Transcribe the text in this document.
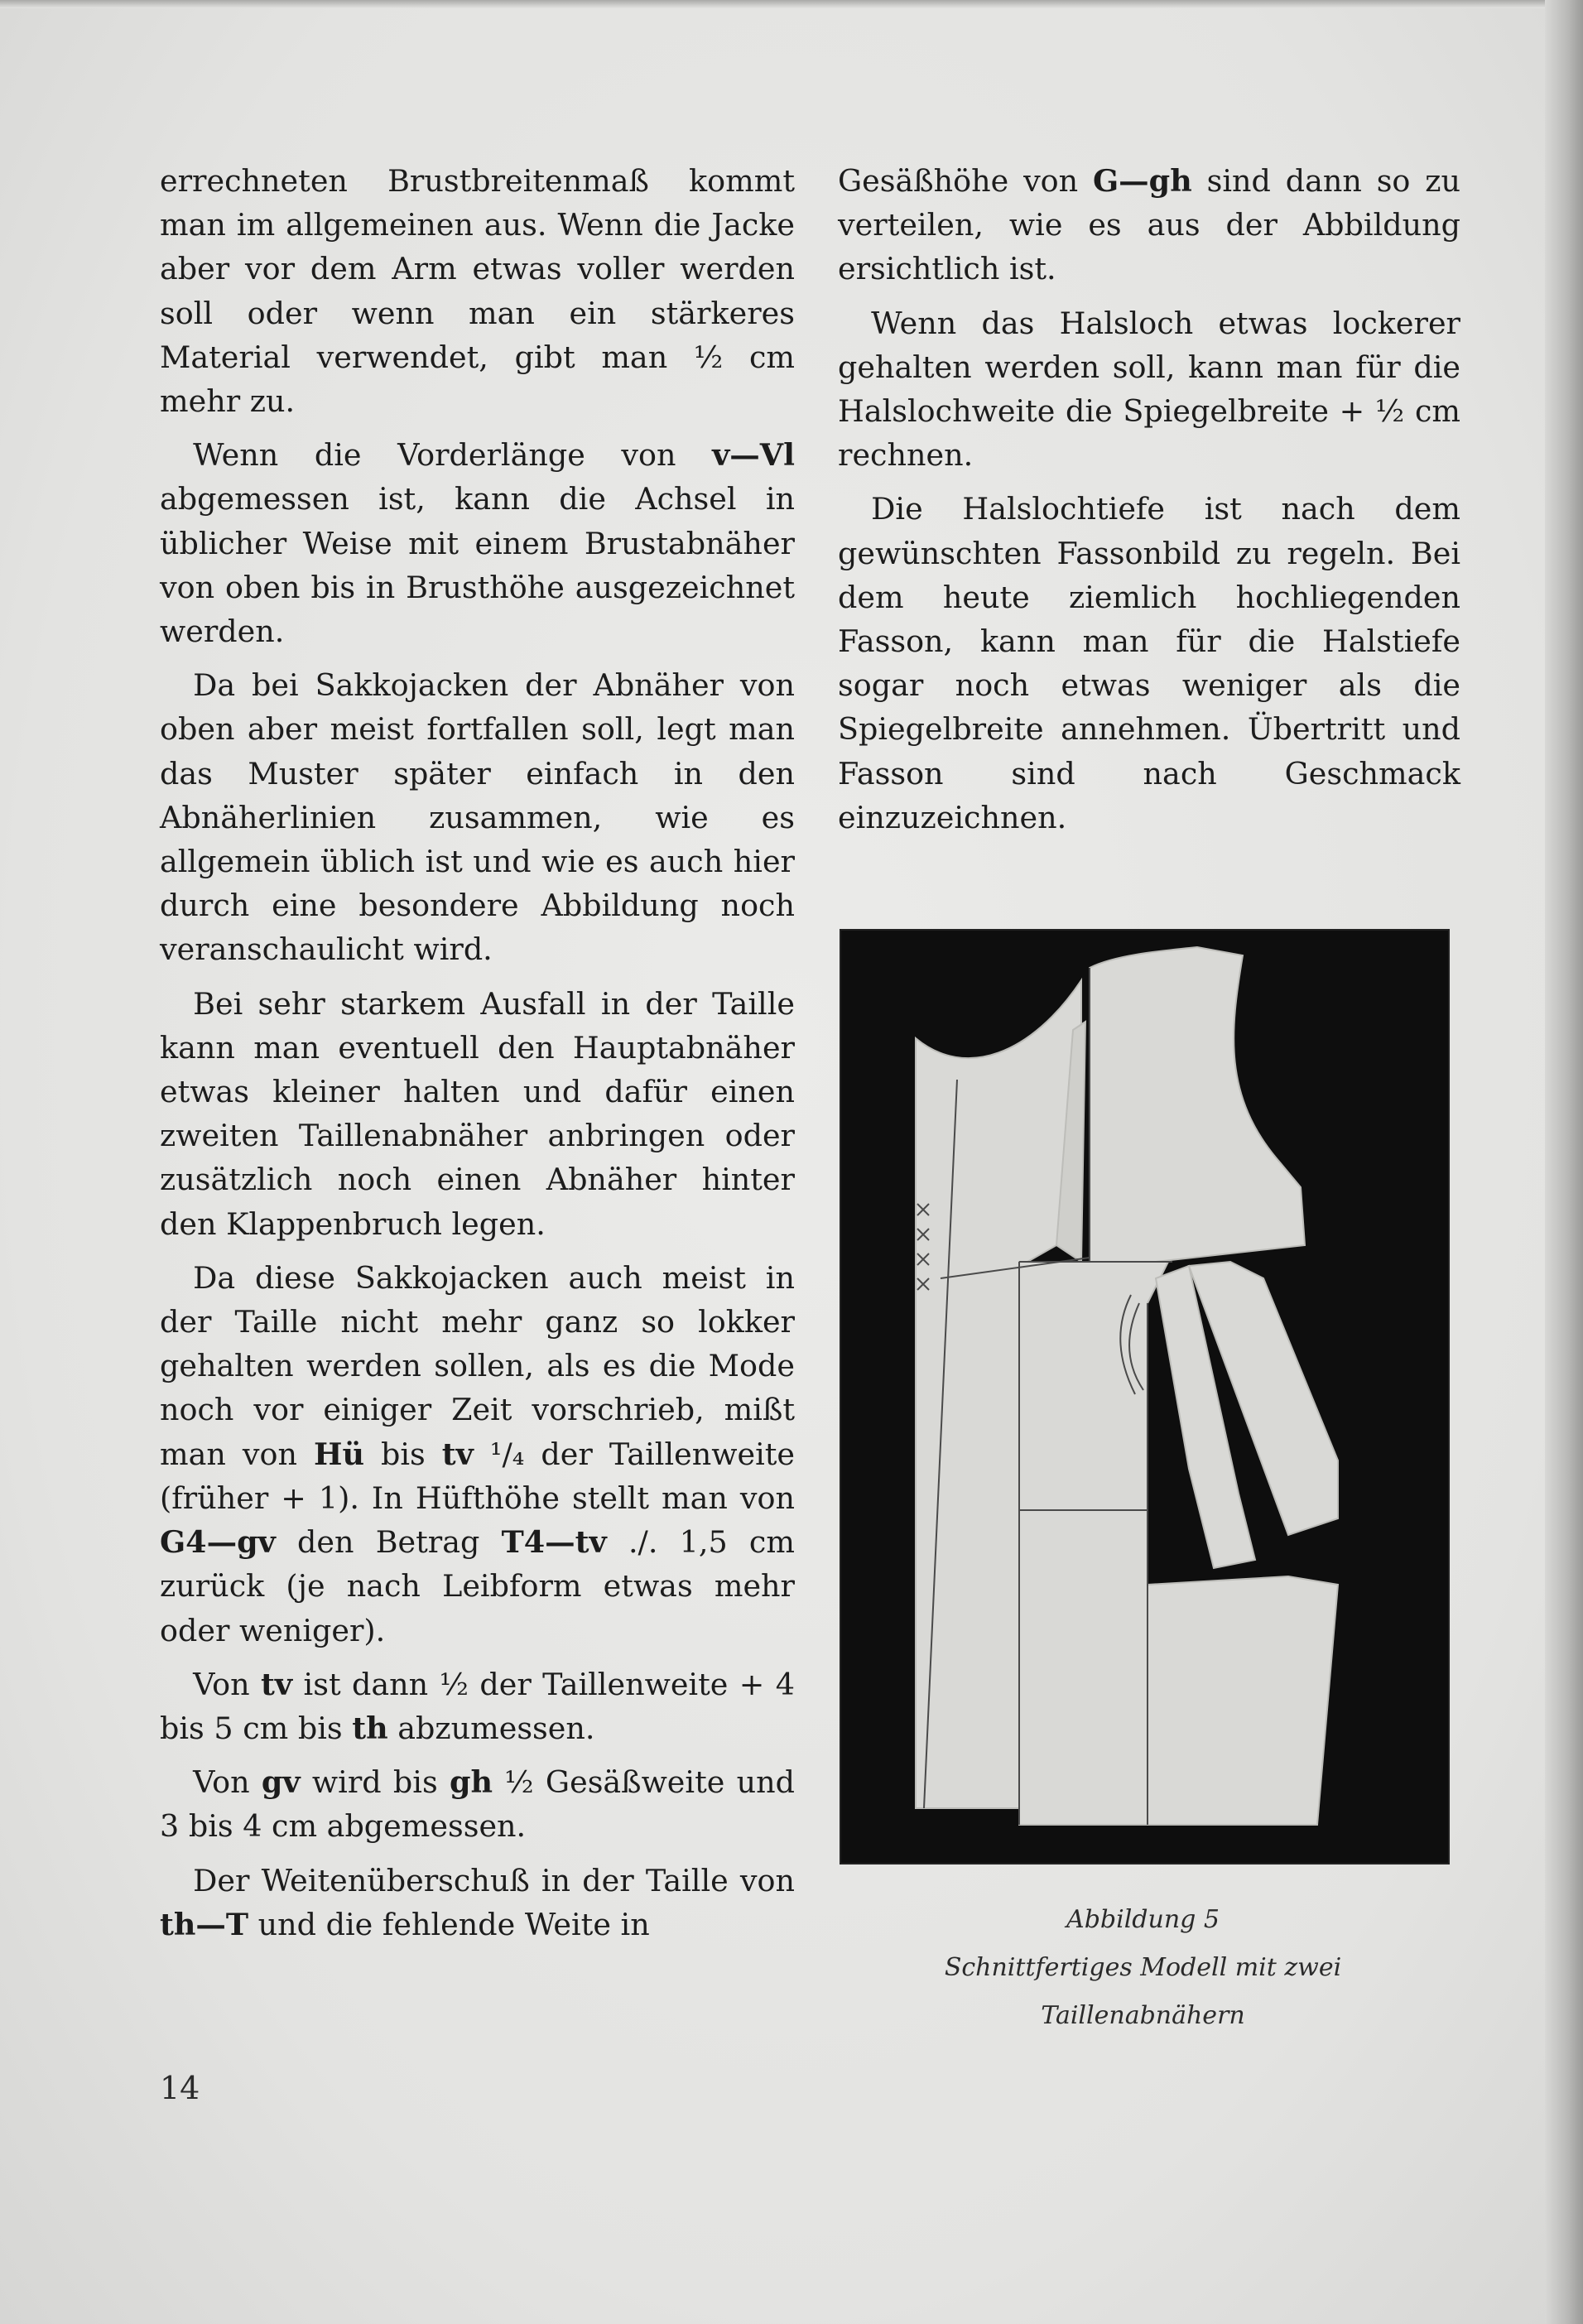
errechneten Brustbreitenmaß kommt man im allgemeinen aus. Wenn die Jacke aber vor dem Arm etwas voller werden soll oder wenn man ein stärkeres Material verwendet, gibt man ½ cm mehr zu.

Wenn die Vorderlänge von v—Vl abgemessen ist, kann die Achsel in üblicher Weise mit einem Brustabnäher von oben bis in Brusthöhe ausgezeichnet werden.

Da bei Sakkojacken der Abnäher von oben aber meist fortfallen soll, legt man das Muster später einfach in den Abnäherlinien zusammen, wie es allgemein üblich ist und wie es auch hier durch eine besondere Abbildung noch veranschaulicht wird.

Bei sehr starkem Ausfall in der Taille kann man eventuell den Hauptabnäher etwas kleiner halten und dafür einen zweiten Taillenabnäher anbringen oder zusätzlich noch einen Abnäher hinter den Klappenbruch legen.

Da diese Sakkojacken auch meist in der Taille nicht mehr ganz so lokker gehalten werden sollen, als es die Mode noch vor einiger Zeit vorschrieb, mißt man von Hü bis tv ¹/₄ der Taillenweite (früher + 1). In Hüfthöhe stellt man von G4—gv den Betrag T4—tv ./. 1,5 cm zurück (je nach Leibform etwas mehr oder weniger).

Von tv ist dann ½ der Taillenweite + 4 bis 5 cm bis th abzumessen.

Von gv wird bis gh ½ Gesäßweite und 3 bis 4 cm abgemessen.

Der Weitenüberschuß in der Taille von th—T und die fehlende Weite in

Gesäßhöhe von G—gh sind dann so zu verteilen, wie es aus der Abbildung ersichtlich ist.

Wenn das Halsloch etwas lockerer gehalten werden soll, kann man für die Halslochweite die Spiegelbreite + ½ cm rechnen.

Die Halslochtiefe ist nach dem gewünschten Fassonbild zu regeln. Bei dem heute ziemlich hochliegenden Fasson, kann man für die Halstiefe sogar noch etwas weniger als die Spiegelbreite annehmen. Übertritt und Fasson sind nach Geschmack einzuzeichnen.

Abbildung 5
Schnittfertiges Modell mit zwei Taillenabnähern
14
